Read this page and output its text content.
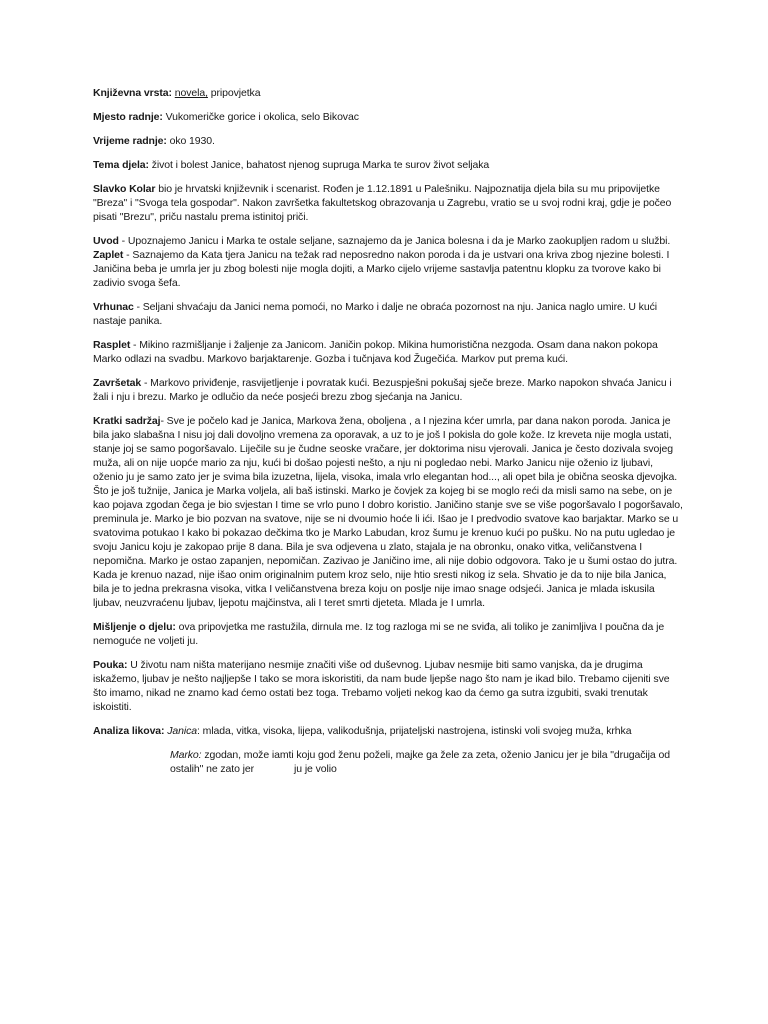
Književna vrsta: novela, pripovjetka

Mjesto radnje: Vukomeričke gorice i okolica, selo Bikovac

Vrijeme radnje: oko 1930.

Tema djela: život i bolest Janice, bahatost njenog supruga Marka te surov život seljaka

Slavko Kolar bio je hrvatski književnik i scenarist. Rođen je 1.12.1891 u Palešniku. Najpoznatija djela bila su mu pripovijetke "Breza" i "Svoga tela gospodar". Nakon završetka fakultetskog obrazovanja u Zagrebu, vratio se u svoj rodni kraj, gdje je počeo pisati "Brezu", priču nastalu prema istinitoj priči.

Uvod - Upoznajemo Janicu i Marka te ostale seljane, saznajemo da je Janica bolesna i da je Marko zaokupljen radom u službi.

Zaplet - Saznajemo da Kata tjera Janicu na težak rad neposredno nakon poroda i da je ustvari ona kriva zbog njezine bolesti. I Janičina beba je umrla jer ju zbog bolesti nije mogla dojiti, a Marko cijelo vrijeme sastavlja patentnu klopku za tvorove kako bi zadivio svoga šefa.

Vrhunac - Seljani shvaćaju da Janici nema pomoći, no Marko i dalje ne obraća pozornost na nju. Janica naglo umire. U kući nastaje panika.

Rasplet - Mikino razmišljanje i žaljenje za Janicom. Janičin pokop. Mikina humoristična nezgoda. Osam dana nakon pokopa Marko odlazi na svadbu. Markovo barjaktarenje. Gozba i tučnjava kod Žugečića. Markov put prema kući.

Završetak - Markovo priviđenje, rasvijetljenje i povratak kući. Bezuspješni pokušaj sječe breze. Marko napokon shvaća Janicu i žali i nju i brezu. Marko je odlučio da neće posjeći brezu zbog sjećanja na Janicu.

Kratki sadržaj- Sve je počelo kad je Janica, Markova žena, oboljena , a I njezina kćer umrla, par dana nakon poroda. Janica je bila jako slabašna I nisu joj dali dovoljno vremena za oporavak, a uz to je još I pokisla do gole kože. Iz kreveta nije mogla ustati, stanje joj se samo pogoršavalo. Liječile su je čudne seoske vračare, jer doktorima nisu vjerovali. Janica je često dozivala svojeg muža, ali on nije uopće mario za nju, kući bi došao pojesti nešto, a nju ni pogledao nebi. Marko Janicu nije oženio iz ljubavi, oženio ju je samo zato jer je svima bila izuzetna, lijela, visoka, imala vrlo elegantan hod..., ali opet bila je obična seoska djevojka. Što je još tužnije, Janica je Marka voljela, ali baš istinski. Marko je čovjek za kojeg bi se moglo reći da misli samo na sebe, on je kao pojava zgodan čega je bio svjestan I time se vrlo puno I dobro koristio. Janičino stanje sve se više pogoršavalo I pogoršavalo, preminula je. Marko je bio pozvan na svatove, nije se ni dvoumio hoće li ići. Išao je I predvodio svatove kao barjaktar. Marko se u svatovima potukao I kako bi pokazao dečkima tko je Marko Labudan, kroz šumu je krenuo kući po pušku. No na putu ugledao je svoju Janicu koju je zakopao prije 8 dana. Bila je sva odjevena u zlato, stajala je na obronku, onako vitka, veličanstvena I nepomična. Marko je ostao zapanjen, nepomičan. Zazivao je Janičino ime, ali nije dobio odgovora. Tako je u šumi ostao do jutra. Kada je krenuo nazad, nije išao onim originalnim putem kroz selo, nije htio sresti nikog iz sela. Shvatio je da to nije bila Janica, bila je to jedna prekrasna visoka, vitka I veličanstvena breza koju on poslje nije imao snage odsjeći. Janica je mlada iskusila ljubav, neuzvraćenu ljubav, ljepotu majčinstva, ali I teret smrti djeteta. Mlada je I umrla.

Mišljenje o djelu: ova pripovjetka me rastužila, dirnula me. Iz tog razloga mi se ne sviđa, ali toliko je zanimljiva I poučna da je nemoguće ne voljeti ju.

Pouka: U životu nam ništa materijano nesmije značiti više od duševnog. Ljubav nesmije biti samo vanjska, da je drugima iskažemo, ljubav je nešto najljepše I tako se mora iskoristiti, da nam bude ljepše nago što nam je ikad bilo. Trebamo cijeniti sve što imamo, nikad ne znamo kad ćemo ostati bez toga. Trebamo voljeti nekog kao da ćemo ga sutra izgubiti, svaki trenutak iskoistiti.

Analiza likova: Janica: mlada, vitka, visoka, lijepa, valikodušnja, prijateljski nastrojena, istinski voli svojeg muža, krhka

Marko: zgodan, može iamti koju god ženu poželi, majke ga žele za zeta, oženio Janicu jer je bila "drugačija od ostalih" ne zato jer	ju je volio
